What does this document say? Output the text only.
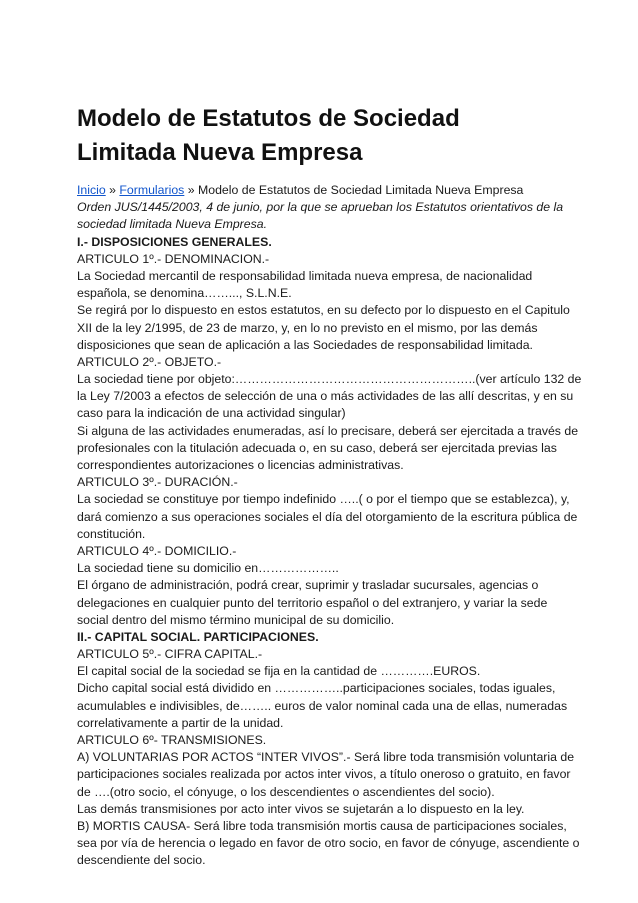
Modelo de Estatutos de Sociedad
Limitada Nueva Empresa
Inicio » Formularios » Modelo de Estatutos de Sociedad Limitada Nueva Empresa
Orden JUS/1445/2003, 4 de junio, por la que se aprueban los Estatutos orientativos de la
sociedad limitada Nueva Empresa.
I.- DISPOSICIONES GENERALES.
ARTICULO 1º.- DENOMINACION.-
La Sociedad mercantil de responsabilidad limitada nueva empresa, de nacionalidad
española, se denomina……..., S.L.N.E.
Se regirá por lo dispuesto en estos estatutos, en su defecto por lo dispuesto en el Capitulo
XII de la ley 2/1995, de 23 de marzo, y, en lo no previsto en el mismo, por las demás
disposiciones que sean de aplicación a las Sociedades de responsabilidad limitada.
ARTICULO 2º.- OBJETO.-
La sociedad tiene por objeto:…………………………………………………..(ver artículo 132 de
la Ley 7/2003 a efectos de selección de una o más actividades de las allí descritas, y en su
caso para la indicación de una actividad singular)
Si alguna de las actividades enumeradas, así lo precisare, deberá ser ejercitada a través de
profesionales con la titulación adecuada o, en su caso, deberá ser ejercitada previas las
correspondientes autorizaciones o licencias administrativas.
ARTICULO 3º.- DURACIÓN.-
La sociedad se constituye por tiempo indefinido …..( o por el tiempo que se establezca), y,
dará comienzo a sus operaciones sociales el día del otorgamiento de la escritura pública de
constitución.
ARTICULO 4º.- DOMICILIO.-
La sociedad tiene su domicilio en………………..
El órgano de administración, podrá crear, suprimir y trasladar sucursales, agencias o
delegaciones en cualquier punto del territorio español o del extranjero, y variar la sede
social dentro del mismo término municipal de su domicilio.
II.- CAPITAL SOCIAL. PARTICIPACIONES.
ARTICULO 5º.- CIFRA CAPITAL.-
El capital social de la sociedad se fija en la cantidad de ………….EUROS.
Dicho capital social está dividido en ……………..participaciones sociales, todas iguales,
acumulables e indivisibles, de…….. euros de valor nominal cada una de ellas, numeradas
correlativamente a partir de la unidad.
ARTICULO 6º- TRANSMISIONES.
A) VOLUNTARIAS POR ACTOS “INTER VIVOS”.- Será libre toda transmisión voluntaria de
participaciones sociales realizada por actos inter vivos, a título oneroso o gratuito, en favor
de ….(otro socio, el cónyuge, o los descendientes o ascendientes del socio).
Las demás transmisiones por acto inter vivos se sujetarán a lo dispuesto en la ley.
B) MORTIS CAUSA- Será libre toda transmisión mortis causa de participaciones sociales,
sea por vía de herencia o legado en favor de otro socio, en favor de cónyuge, ascendiente o
descendiente del socio.
